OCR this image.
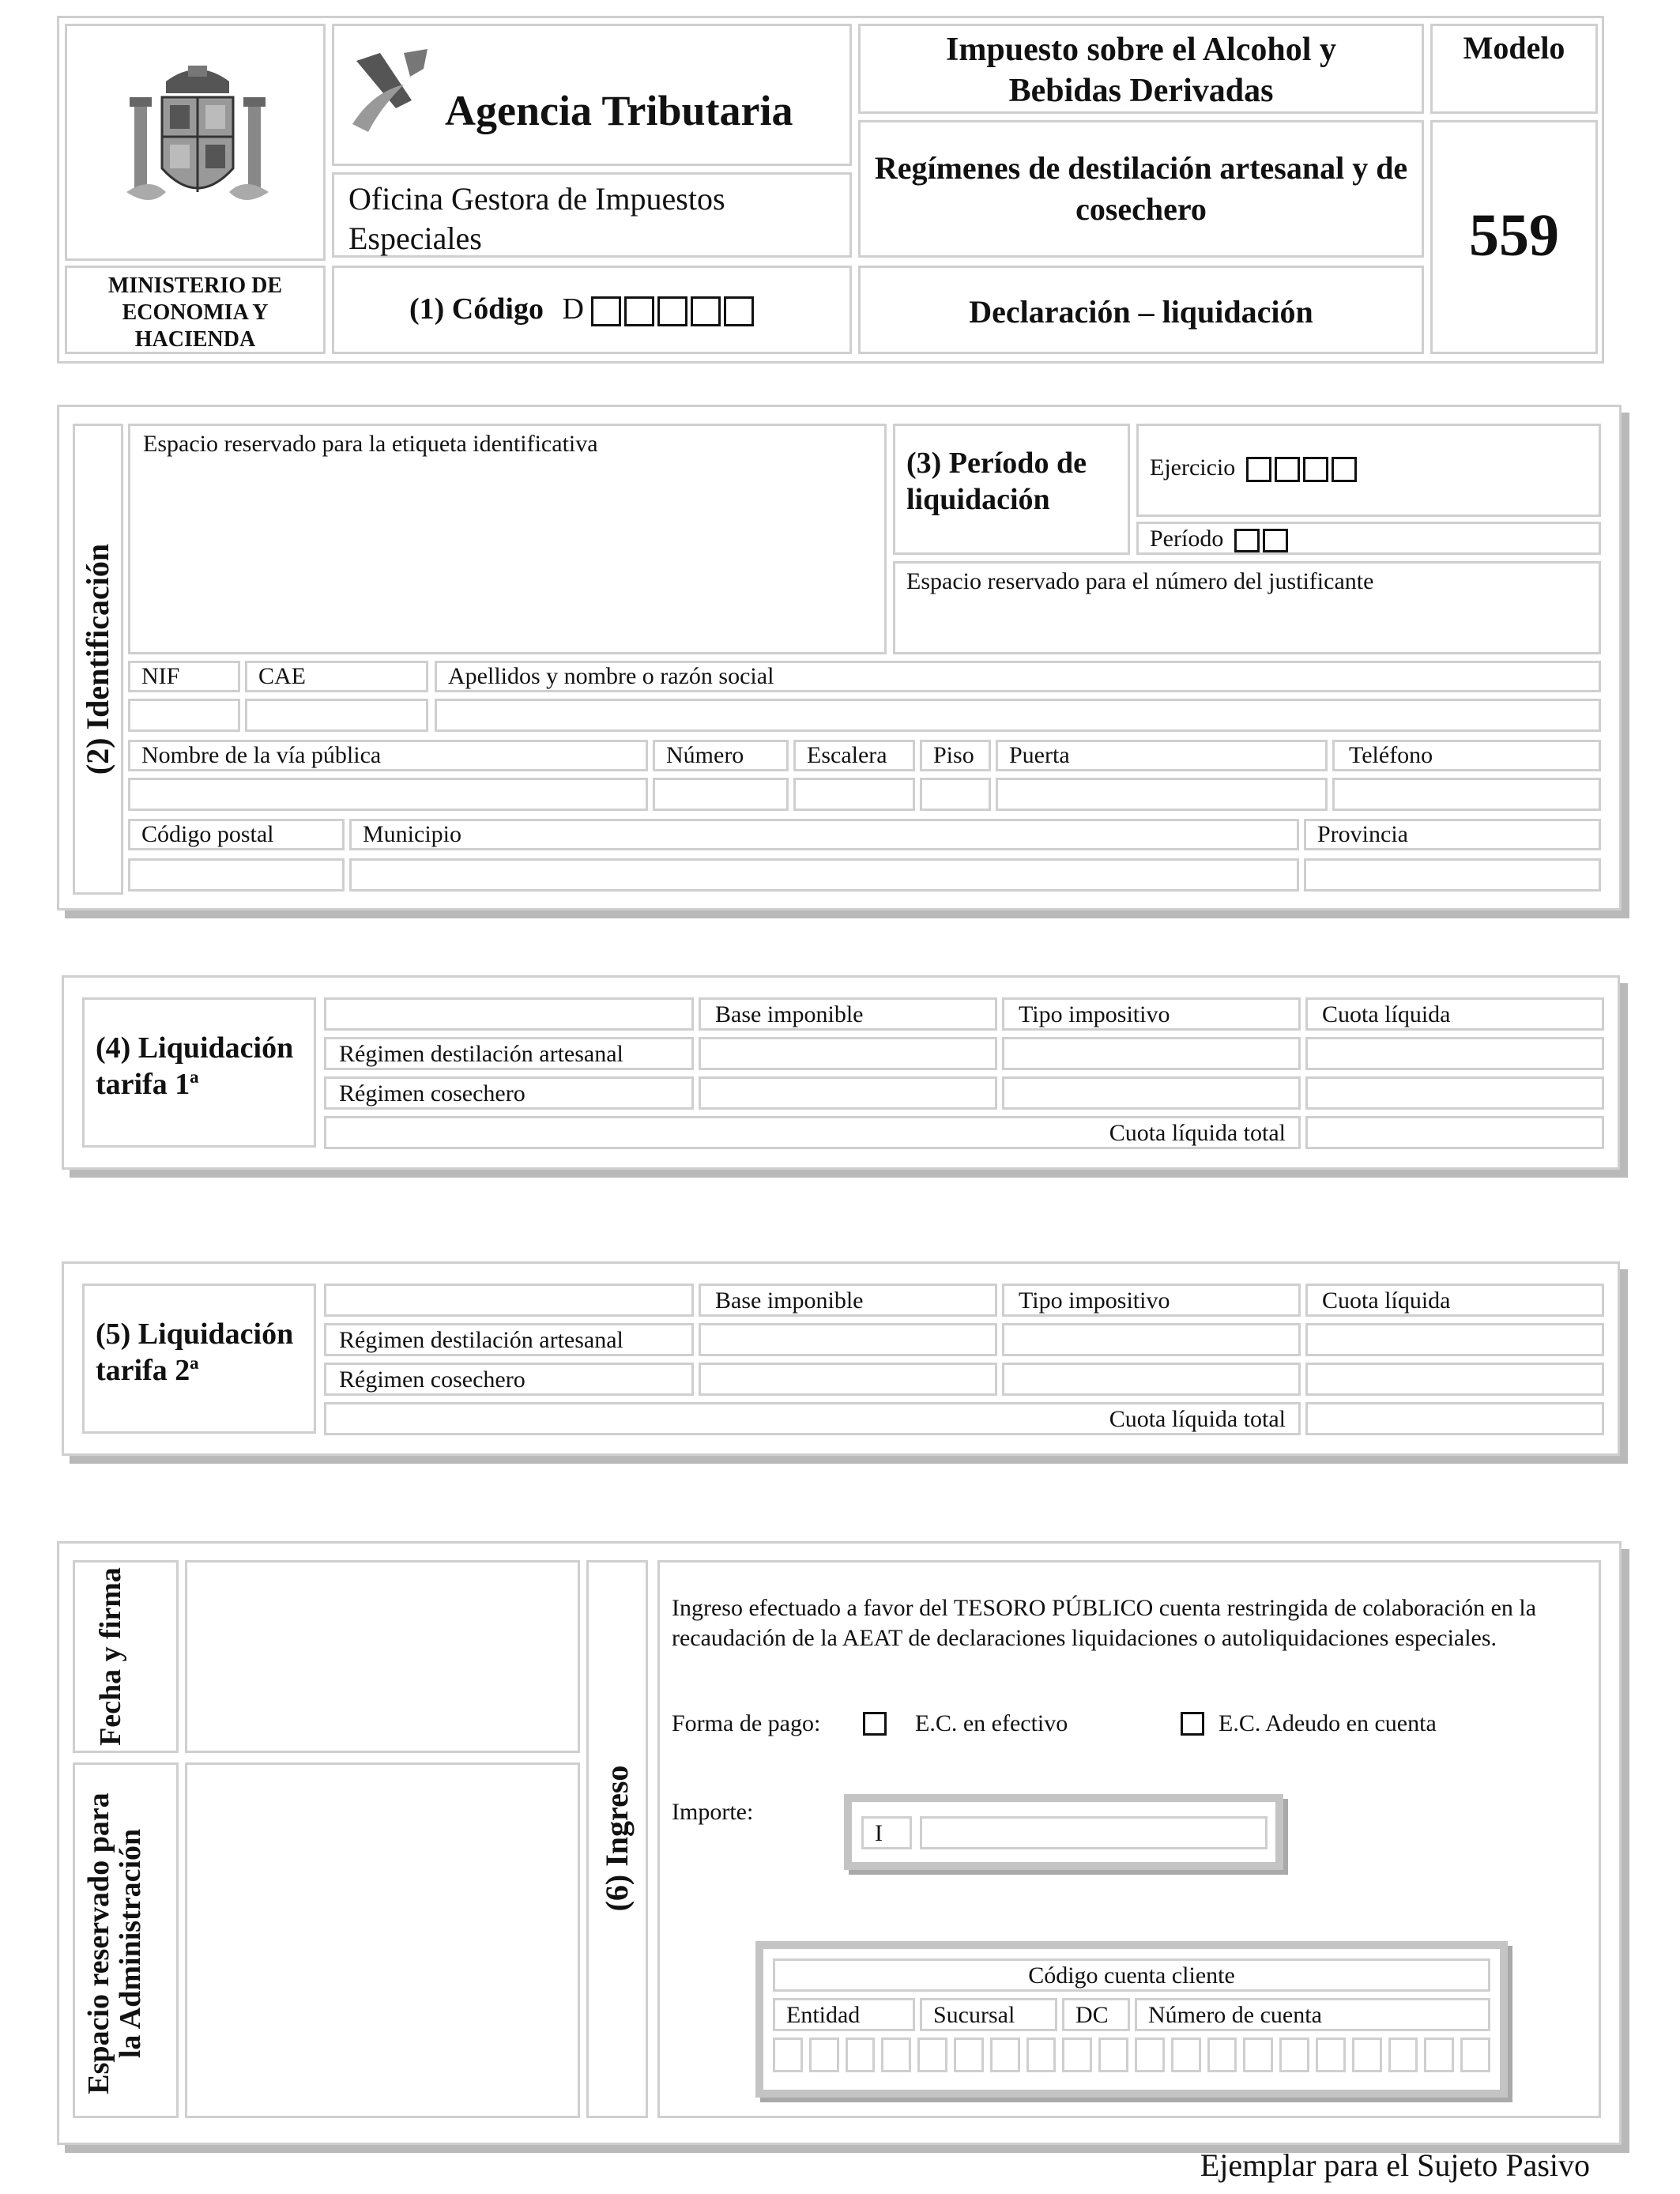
MINISTERIO DE ECONOMIA Y HACIENDA
Agencia Tributaria
Oficina Gestora de Impuestos Especiales
(1) Código D
Impuesto sobre el Alcohol y Bebidas Derivadas
Regímenes de destilación artesanal y de cosechero
Declaración – liquidación
Modelo
559
(2) Identificación
Espacio reservado para la etiqueta identificativa
(3) Período de liquidación
Ejercicio
Período
Espacio reservado para el número del justificante
NIF	CAE	Apellidos y nombre o razón social
Nombre de la vía pública	Número	Escalera Piso Puerta	Teléfono
Código postal	Municipio	Provincia
(4) Liquidación tarifa 1ª
Base imponible	Tipo impositivo	Cuota líquida
Régimen destilación artesanal
Régimen cosechero
Cuota líquida total
(5) Liquidación tarifa 2ª
Base imponible	Tipo impositivo	Cuota líquida
Régimen destilación artesanal
Régimen cosechero
Cuota líquida total
Fecha y firma
Espacio reservado para la Administración	(6) Ingreso
Ingreso efectuado a favor del TESORO PÚBLICO cuenta restringida de colaboración en la recaudación de la AEAT de declaraciones liquidaciones o autoliquidaciones especiales.
Forma de pago:	E.C. en efectivo	E.C. Adeudo en cuenta
Importe:
I
Código cuenta cliente
Entidad	Sucursal	DC Número de cuenta
Ejemplar para el Sujeto Pasivo
